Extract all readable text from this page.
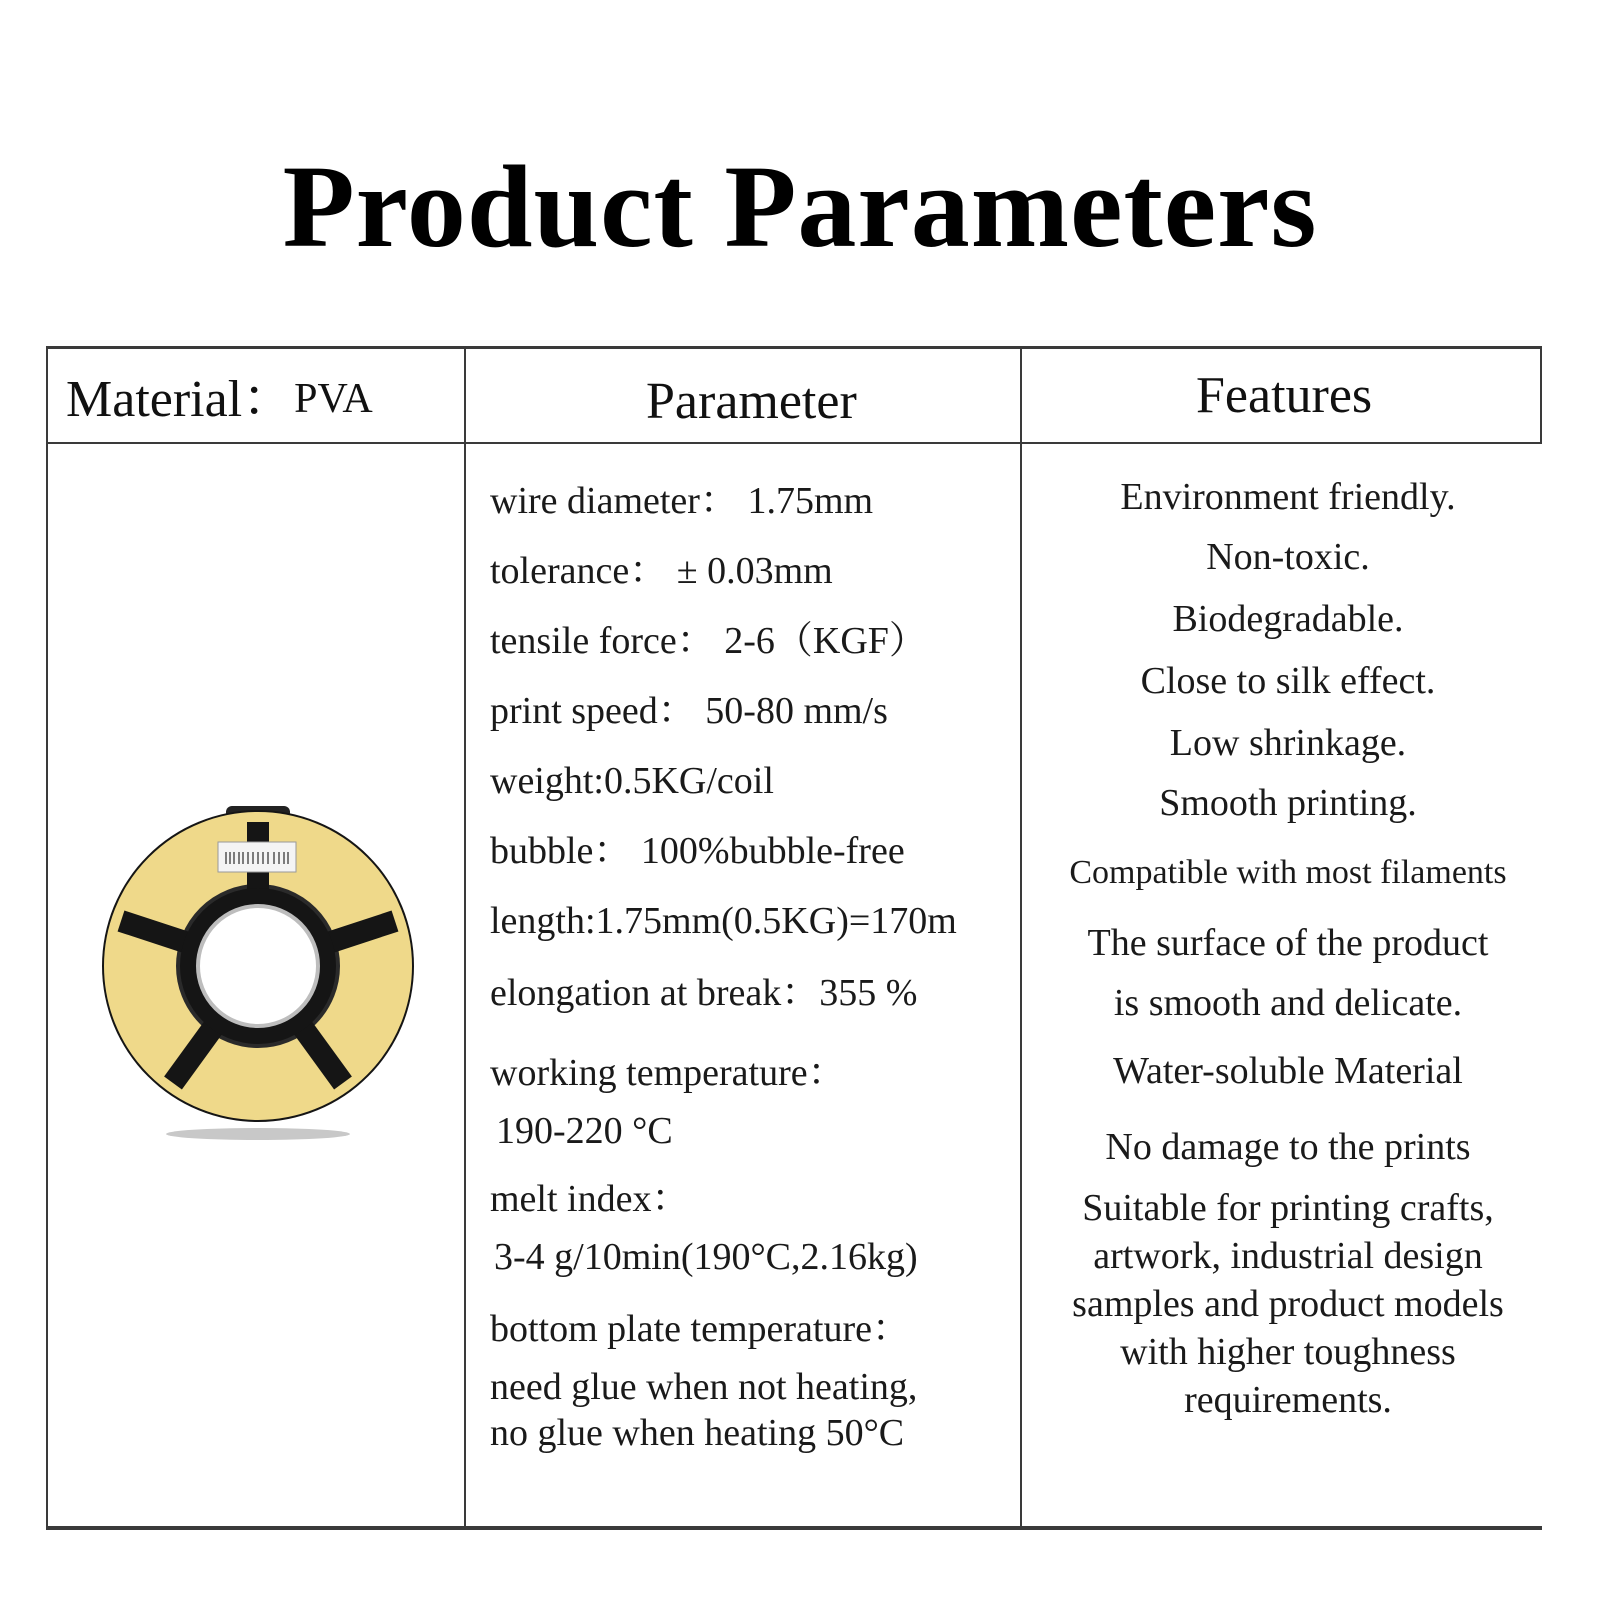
Product Parameters
Material：PVA	Parameter	Features
wire diameter： 1.75mm
tolerance： ± 0.03mm
tensile force： 2-6（KGF）
print speed： 50-80 mm/s
weight:0.5KG/coil
bubble： 100%bubble-free
length:1.75mm(0.5KG)=170m
elongation at break：355 %
working temperature：
190-220 °C
melt index：
3-4 g/10min(190°C,2.16kg)
bottom plate temperature：
need glue when not heating,
no glue when heating 50°C
Environment friendly.
Non-toxic.
Biodegradable.
Close to silk effect.
Low shrinkage.
Smooth printing.
Compatible with most filaments
The surface of the product
is smooth and delicate.
Water-soluble Material
No damage to the prints
Suitable for printing crafts, artwork, industrial design samples and product models with higher toughness requirements.
